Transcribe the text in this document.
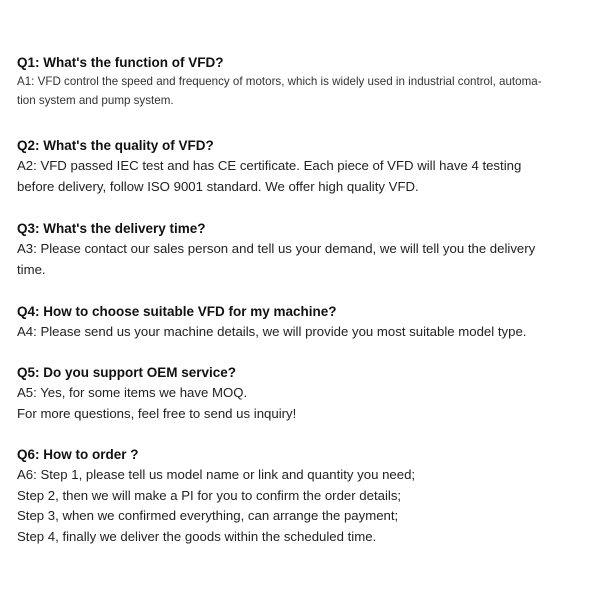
Q1: What's the function of VFD?
A1: VFD control the speed and frequency of motors, which is widely used in industrial control, automa-
tion system and pump system.
Q2: What's the quality of VFD?
A2: VFD passed IEC test and has CE certificate. Each piece of VFD will have 4 testing
before delivery, follow ISO 9001 standard. We offer high quality VFD.
Q3: What's the delivery time?
A3: Please contact our sales person and tell us your demand, we will tell you the delivery
time.
Q4: How to choose suitable VFD for my machine?
A4: Please send us your machine details, we will provide you most suitable model type.
Q5: Do you support OEM service?
A5: Yes, for some items we have MOQ.
For more questions, feel free to send us inquiry!
Q6: How to order ?
A6: Step 1, please tell us model name or link and quantity you need;
Step 2, then we will make a PI for you to confirm the order details;
Step 3, when we confirmed everything, can arrange the payment;
Step 4, finally we deliver the goods within the scheduled time.
